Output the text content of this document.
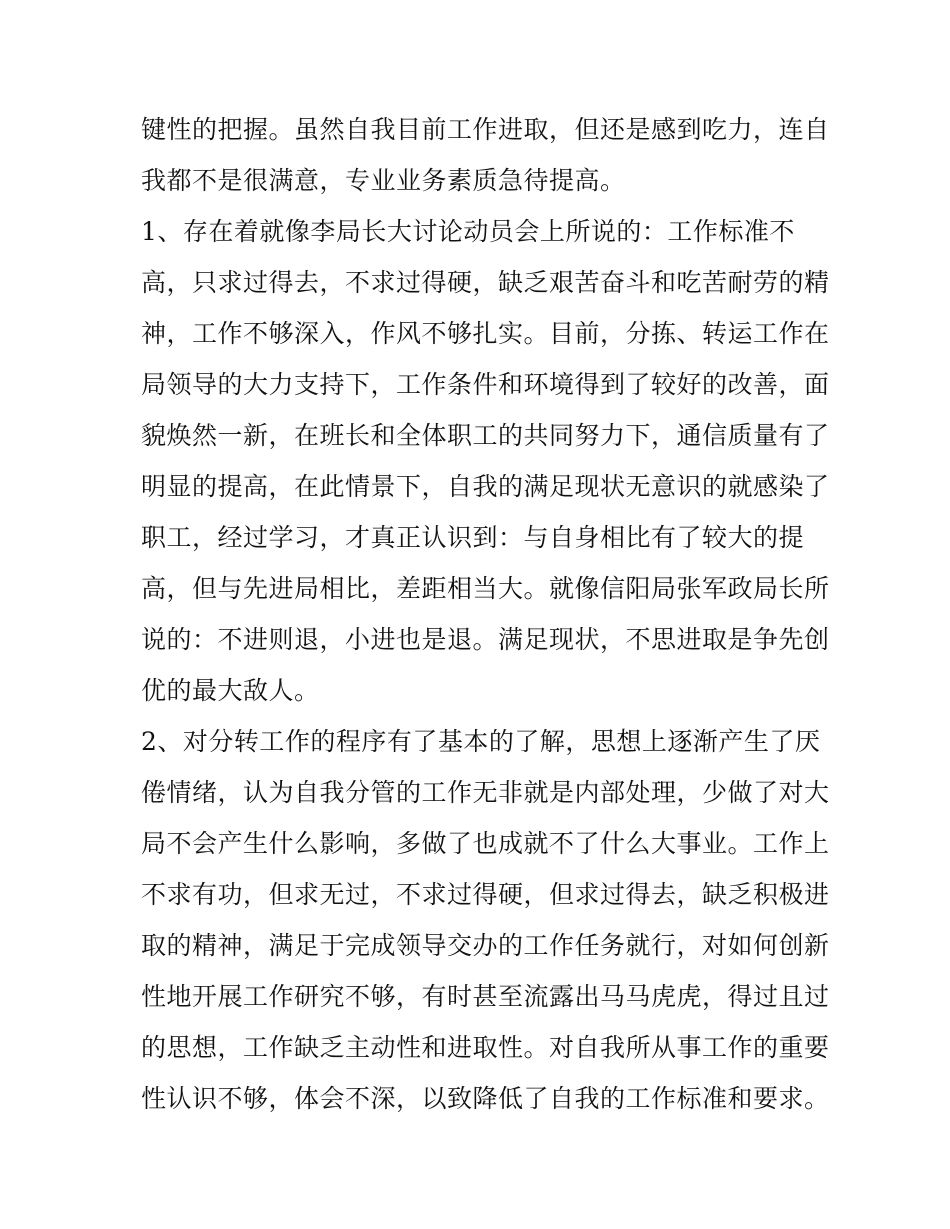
键性的把握。虽然自我目前工作进取，但还是感到吃力，连自
我都不是很满意，专业业务素质急待提高。
1、存在着就像李局长大讨论动员会上所说的：工作标准不
高，只求过得去，不求过得硬，缺乏艰苦奋斗和吃苦耐劳的精
神，工作不够深入，作风不够扎实。目前，分拣、转运工作在
局领导的大力支持下，工作条件和环境得到了较好的改善，面
貌焕然一新，在班长和全体职工的共同努力下，通信质量有了
明显的提高，在此情景下，自我的满足现状无意识的就感染了
职工，经过学习，才真正认识到：与自身相比有了较大的提
高，但与先进局相比，差距相当大。就像信阳局张军政局长所
说的：不进则退，小进也是退。满足现状，不思进取是争先创
优的最大敌人。
2、对分转工作的程序有了基本的了解，思想上逐渐产生了厌
倦情绪，认为自我分管的工作无非就是内部处理，少做了对大
局不会产生什么影响，多做了也成就不了什么大事业。工作上
不求有功，但求无过，不求过得硬，但求过得去，缺乏积极进
取的精神，满足于完成领导交办的工作任务就行，对如何创新
性地开展工作研究不够，有时甚至流露出马马虎虎，得过且过
的思想，工作缺乏主动性和进取性。对自我所从事工作的重要
性认识不够，体会不深，以致降低了自我的工作标准和要求。
